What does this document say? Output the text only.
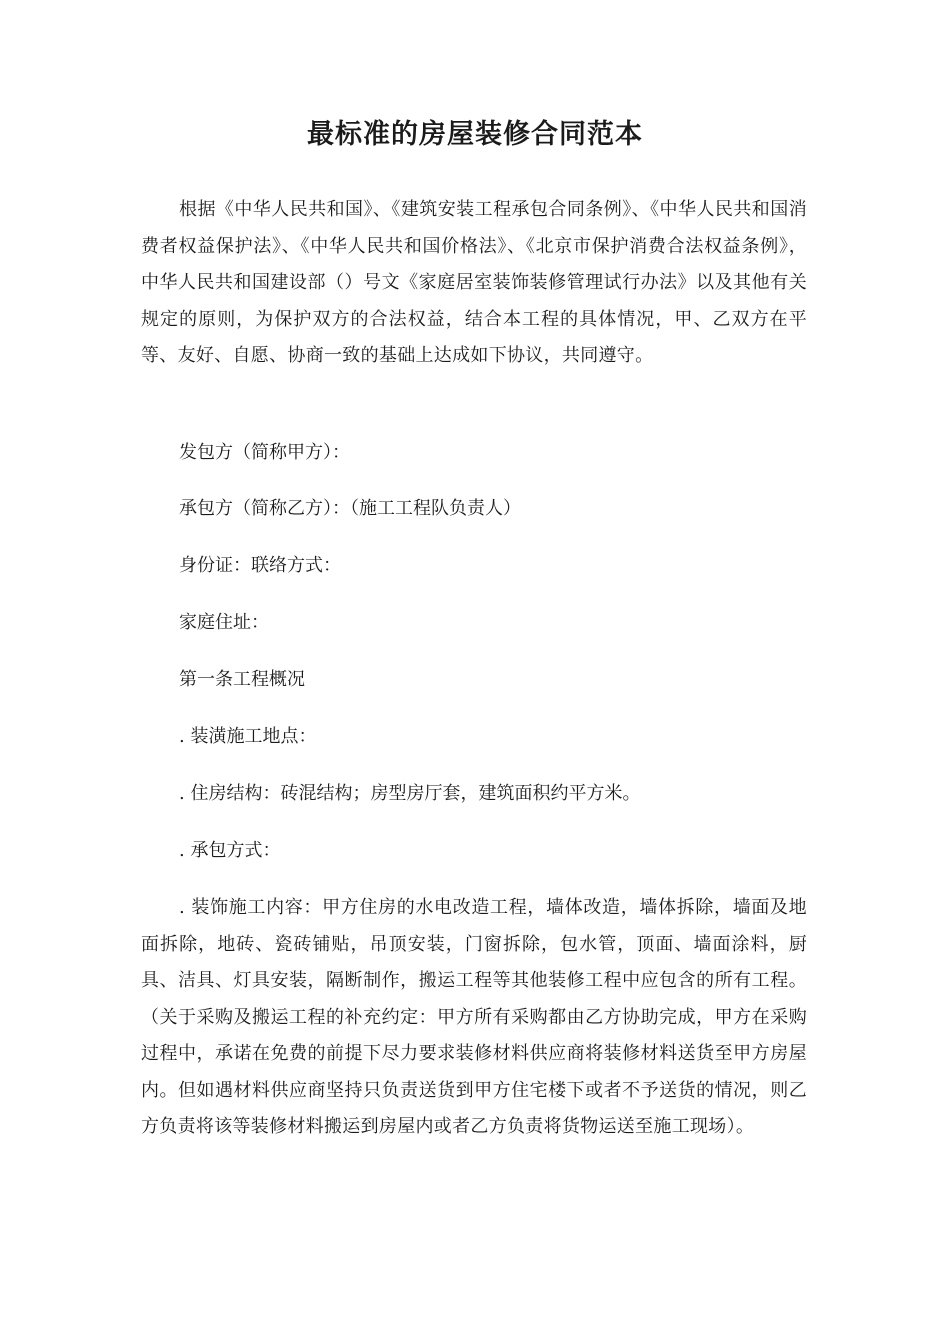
最标准的房屋装修合同范本

根据《中华人民共和国》、《建筑安装工程承包合同条例》、《中华人民共和国消费者权益保护法》、《中华人民共和国价格法》、《北京市保护消费合法权益条例》，中华人民共和国建设部（）号文《家庭居室装饰装修管理试行办法》以及其他有关规定的原则，为保护双方的合法权益，结合本工程的具体情况，甲、乙双方在平等、友好、自愿、协商一致的基础上达成如下协议，共同遵守。

发包方（简称甲方）：

承包方（简称乙方）：（施工工程队负责人）

身份证：联络方式：

家庭住址：

第一条工程概况

. 装潢施工地点：

. 住房结构：砖混结构；房型房厅套，建筑面积约平方米。

. 承包方式：

. 装饰施工内容：甲方住房的水电改造工程，墙体改造，墙体拆除，墙面及地面拆除，地砖、瓷砖铺贴，吊顶安装，门窗拆除，包水管，顶面、墙面涂料，厨具、洁具、灯具安装，隔断制作，搬运工程等其他装修工程中应包含的所有工程。（关于采购及搬运工程的补充约定：甲方所有采购都由乙方协助完成，甲方在采购过程中，承诺在免费的前提下尽力要求装修材料供应商将装修材料送货至甲方房屋内。但如遇材料供应商坚持只负责送货到甲方住宅楼下或者不予送货的情况，则乙方负责将该等装修材料搬运到房屋内或者乙方负责将货物运送至施工现场）。
